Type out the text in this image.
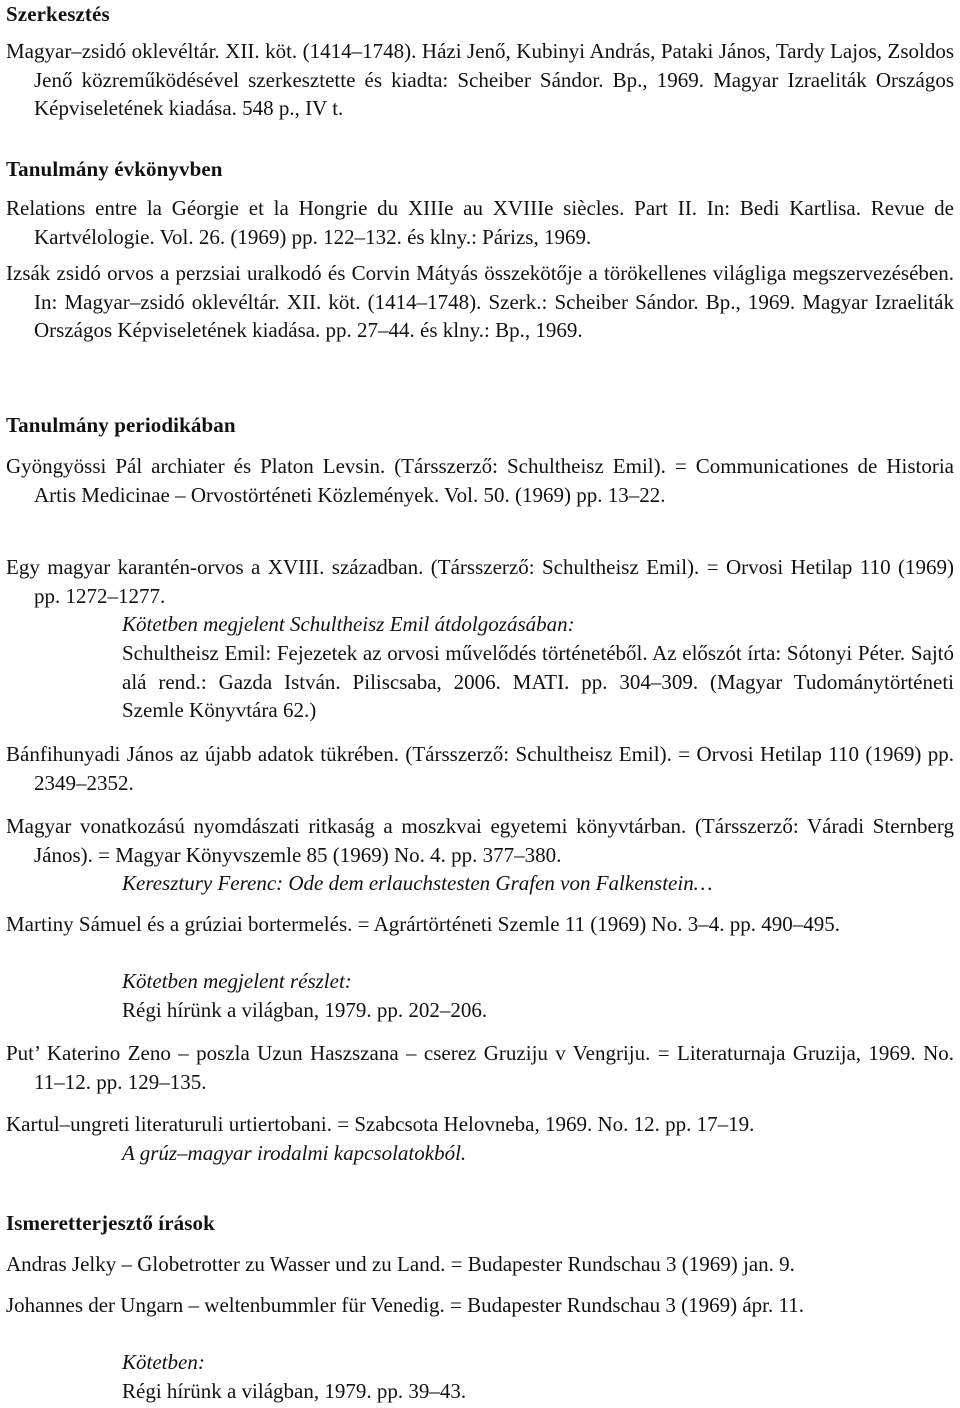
Szerkesztés

Magyar–zsidó oklevéltár. XII. köt. (1414–1748). Házi Jenő, Kubinyi András, Pataki János, Tardy Lajos, Zsoldos Jenő közreműködésével szerkesztette és kiadta: Scheiber Sándor. Bp., 1969. Magyar Izraeliták Országos Képviseletének kiadása. 548 p., IV t.

Tanulmány évkönyvben

Relations entre la Géorgie et la Hongrie du XIIIe au XVIIIe siècles. Part II. In: Bedi Kartlisa. Revue de Kartvélologie. Vol. 26. (1969) pp. 122–132. és klny.: Párizs, 1969.

Izsák zsidó orvos a perzsiai uralkodó és Corvin Mátyás összekötője a törökellenes világliga megszervezésében. In: Magyar–zsidó oklevéltár. XII. köt. (1414–1748). Szerk.: Scheiber Sándor. Bp., 1969. Magyar Izraeliták Országos Képviseletének kiadása. pp. 27–44. és klny.: Bp., 1969.

Tanulmány periodikában

Gyöngyössi Pál archiater és Platon Levsin. (Társszerző: Schultheisz Emil). = Communicationes de Historia Artis Medicinae – Orvostörténeti Közlemények. Vol. 50. (1969) pp. 13–22.

Egy magyar karantén-orvos a XVIII. században. (Társszerző: Schultheisz Emil). = Orvosi Hetilap 110 (1969) pp. 1272–1277.

Kötetben megjelent Schultheisz Emil átdolgozásában:

Schultheisz Emil: Fejezetek az orvosi művelődés történetéből. Az előszót írta: Sótonyi Péter. Sajtó alá rend.: Gazda István. Piliscsaba, 2006. MATI. pp. 304–309. (Magyar Tudománytörténeti Szemle Könyvtára 62.)

Bánfihunyadi János az újabb adatok tükrében. (Társszerző: Schultheisz Emil). = Orvosi Hetilap 110 (1969) pp. 2349–2352.

Magyar vonatkozású nyomdászati ritkaság a moszkvai egyetemi könyvtárban. (Társszerző: Váradi Sternberg János). = Magyar Könyvszemle 85 (1969) No. 4. pp. 377–380.

Keresztury Ferenc: Ode dem erlauchstesten Grafen von Falkenstein…

Martiny Sámuel és a grúziai bortermelés. = Agrártörténeti Szemle 11 (1969) No. 3–4. pp. 490–495.

Kötetben megjelent részlet:

Régi hírünk a világban, 1979. pp. 202–206.

Put’ Katerino Zeno – poszla Uzun Haszszana – cserez Gruziju v Vengriju. = Literaturnaja Gruzija, 1969. No. 11–12. pp. 129–135.

Kartul–ungreti literaturuli urtiertobani. = Szabcsota Helovneba, 1969. No. 12. pp. 17–19.

A grúz–magyar irodalmi kapcsolatokból.

Ismeretterjesztő írások

Andras Jelky – Globetrotter zu Wasser und zu Land. = Budapester Rundschau 3 (1969) jan. 9.

Johannes der Ungarn – weltenbummler für Venedig. = Budapester Rundschau 3 (1969) ápr. 11.

Kötetben:

Régi hírünk a világban, 1979. pp. 39–43.
